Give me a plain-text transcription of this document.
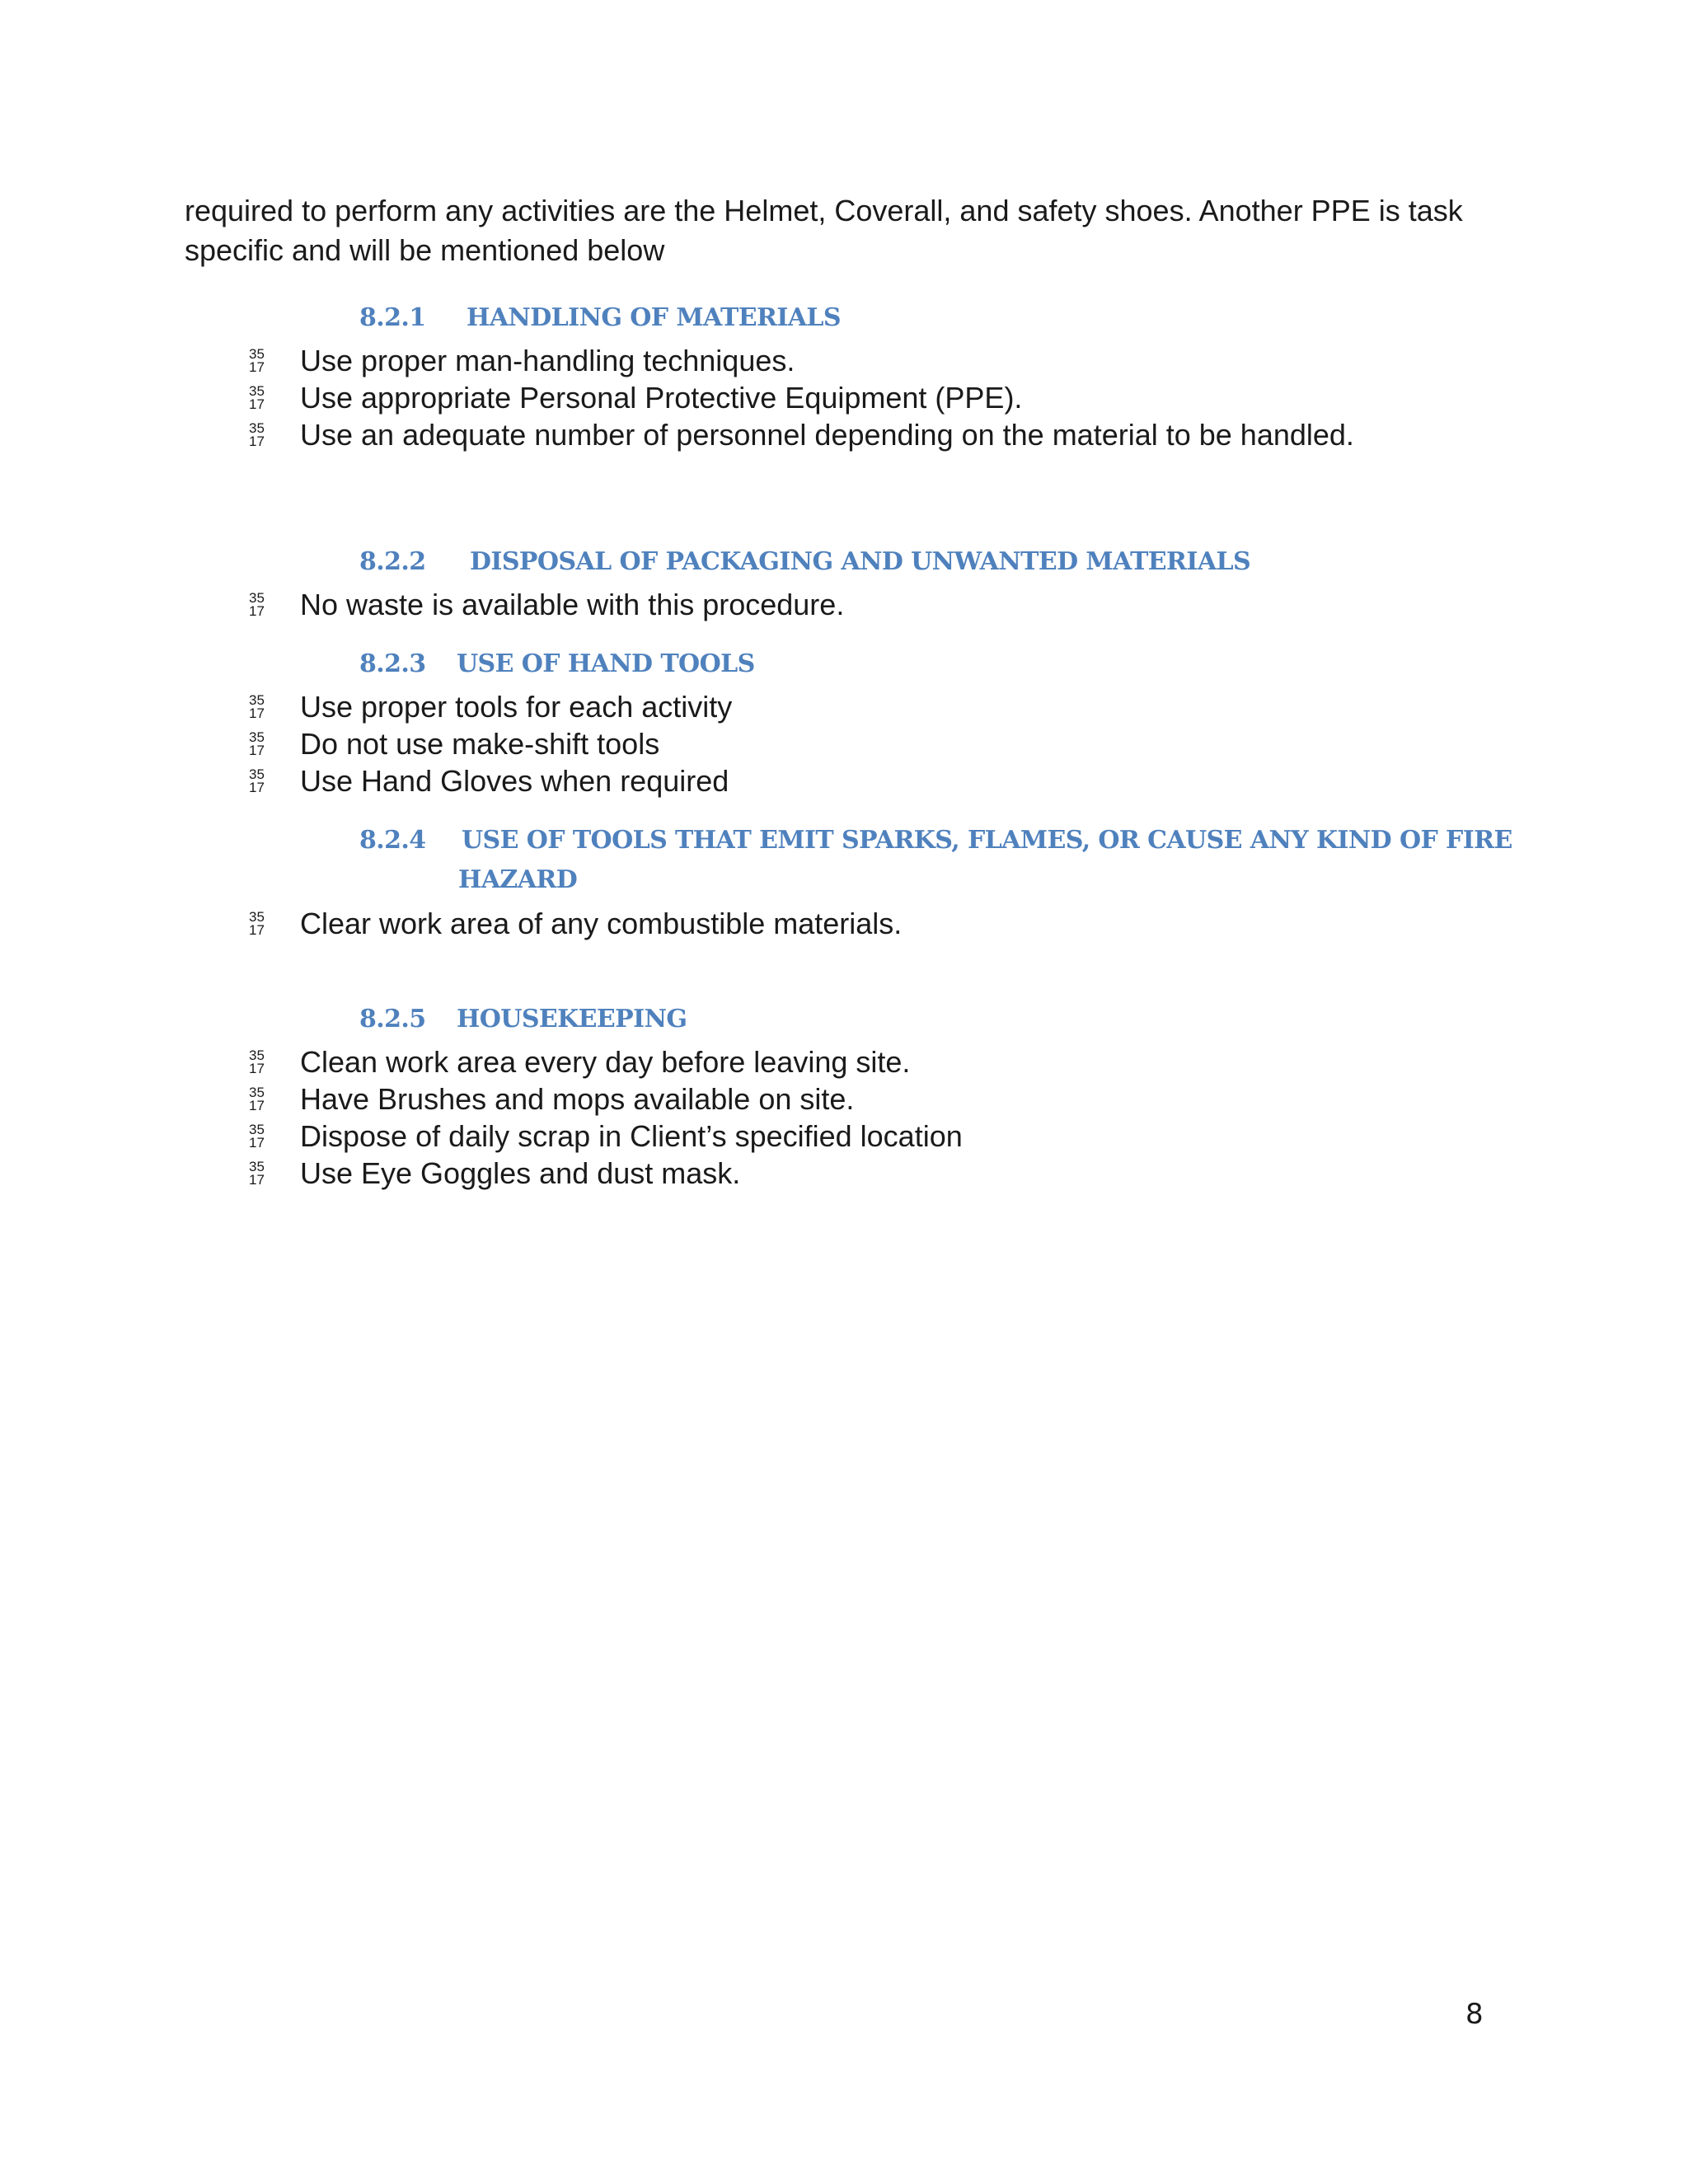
required to perform any activities are the Helmet, Coverall, and safety shoes. Another PPE is task specific and will be mentioned below

8.2.1 HANDLING OF MATERIALS
35
17 Use proper man-handling techniques.
35
17 Use appropriate Personal Protective Equipment (PPE).
35
17 Use an adequate number of personnel depending on the material to be handled.
8.2.2 DISPOSAL OF PACKAGING AND UNWANTED MATERIALS
35
17 No waste is available with this procedure.
8.2.3 USE OF HAND TOOLS
35
17 Use proper tools for each activity
35
17 Do not use make-shift tools
35
17 Use Hand Gloves when required
8.2.4 USE OF TOOLS THAT EMIT SPARKS, FLAMES, OR CAUSE ANY KIND OF FIRE
HAZARD
35
17 Clear work area of any combustible materials.
8.2.5 HOUSEKEEPING
35
17 Clean work area every day before leaving site.
35
17 Have Brushes and mops available on site.
35
17 Dispose of daily scrap in Client’s specified location
35
17 Use Eye Goggles and dust mask.
8
